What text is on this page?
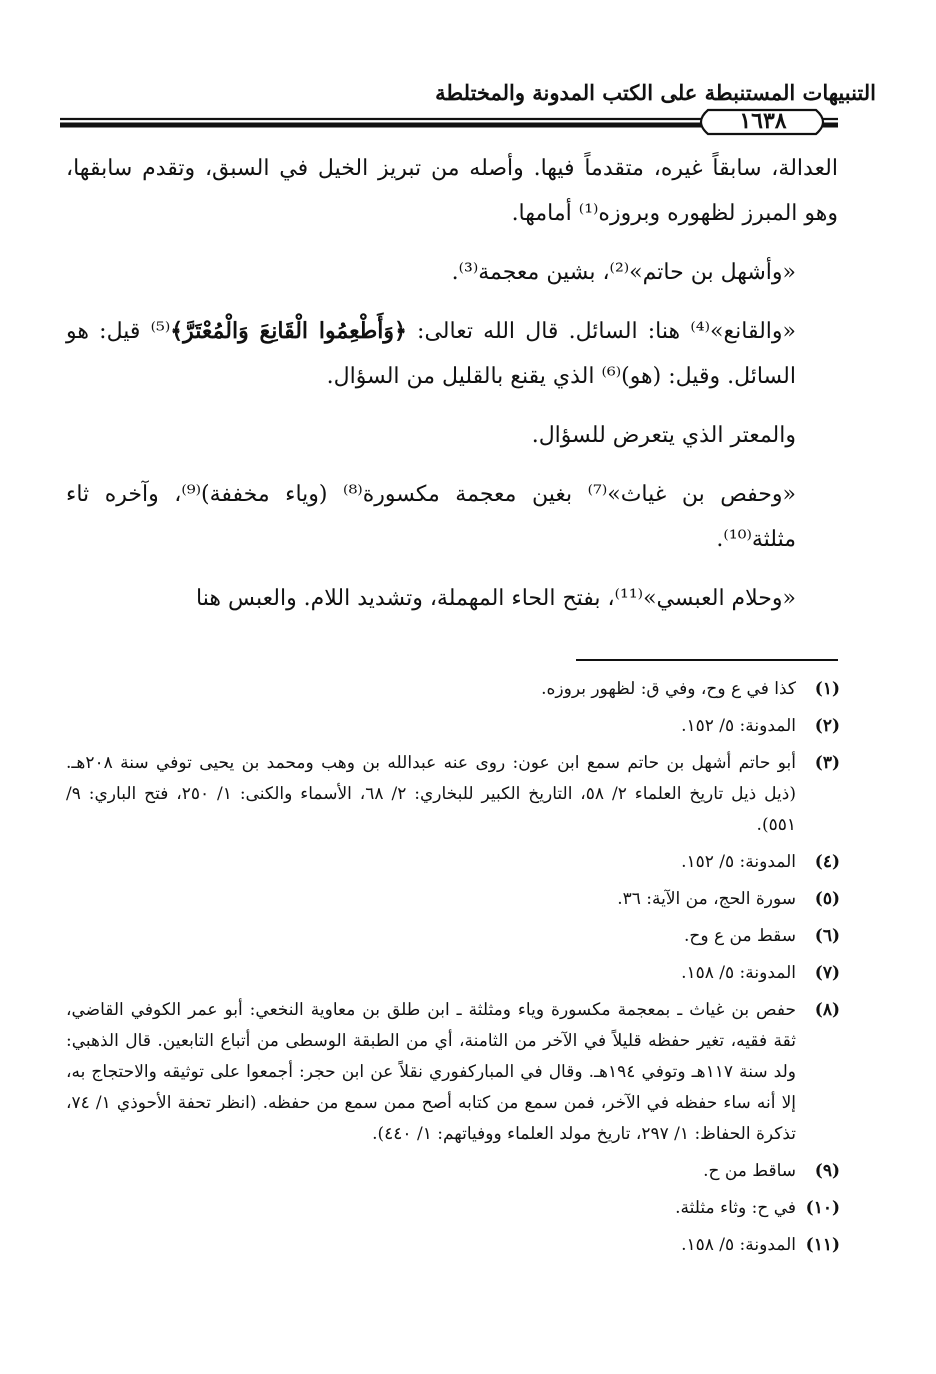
التنبيهات المستنبطة على الكتب المدونة والمختلطة
١٦٣٨

العدالة، سابقاً غيره، متقدماً فيها. وأصله من تبريز الخيل في السبق، وتقدم سابقها، وهو المبرز لظهوره وبروزه⁽¹⁾ أمامها.

«وأشهل بن حاتم»⁽²⁾، بشين معجمة⁽³⁾.

«والقانع»⁽⁴⁾ هنا: السائل. قال الله تعالى: ﴿وَأَطْعِمُوا الْقَانِعَ وَالْمُعْتَرَّ﴾⁽⁵⁾ قيل: هو السائل. وقيل: (هو)⁽⁶⁾ الذي يقنع بالقليل من السؤال.

والمعتر الذي يتعرض للسؤال.

«وحفص بن غياث»⁽⁷⁾ بغين معجمة مكسورة⁽⁸⁾ (وياء مخففة)⁽⁹⁾، وآخره ثاء مثلثة⁽¹⁰⁾.

«وحلام العبسي»⁽¹¹⁾، بفتح الحاء المهملة، وتشديد اللام. والعبس هنا

(١)
كذا في ع وح، وفي ق: لظهور بروزه.
(٢)
المدونة: ٥/ ١٥٢.
(٣)
أبو حاتم أشهل بن حاتم سمع ابن عون: روى عنه عبدالله بن وهب ومحمد بن يحيى توفي سنة ٢٠٨هـ. (ذيل ذيل تاريخ العلماء ٢/ ٥٨، التاريخ الكبير للبخاري: ٢/ ٦٨، الأسماء والكنى: ١/ ٢٥٠، فتح الباري: ٩/ ٥٥١).
(٤)
المدونة: ٥/ ١٥٢.
(٥)
سورة الحج، من الآية: ٣٦.
(٦)
سقط من ع وح.
(٧)
المدونة: ٥/ ١٥٨.
(٨)
حفص بن غياث ـ بمعجمة مكسورة وياء ومثلثة ـ ابن طلق بن معاوية النخعي: أبو عمر الكوفي القاضي، ثقة فقيه، تغير حفظه قليلاً في الآخر من الثامنة، أي من الطبقة الوسطى من أتباع التابعين. قال الذهبي: ولد سنة ١١٧هـ وتوفي ١٩٤هـ. وقال في المباركفوري نقلاً عن ابن حجر: أجمعوا على توثيقه والاحتجاج به، إلا أنه ساء حفظه في الآخر، فمن سمع من كتابه أصح ممن سمع من حفظه. (انظر تحفة الأحوذي ١/ ٧٤، تذكرة الحفاظ: ١/ ٢٩٧، تاريخ مولد العلماء ووفياتهم: ١/ ٤٤٠).
(٩)
ساقط من ح.
(١٠)
في ح: وثاء مثلثة.
(١١)
المدونة: ٥/ ١٥٨.
